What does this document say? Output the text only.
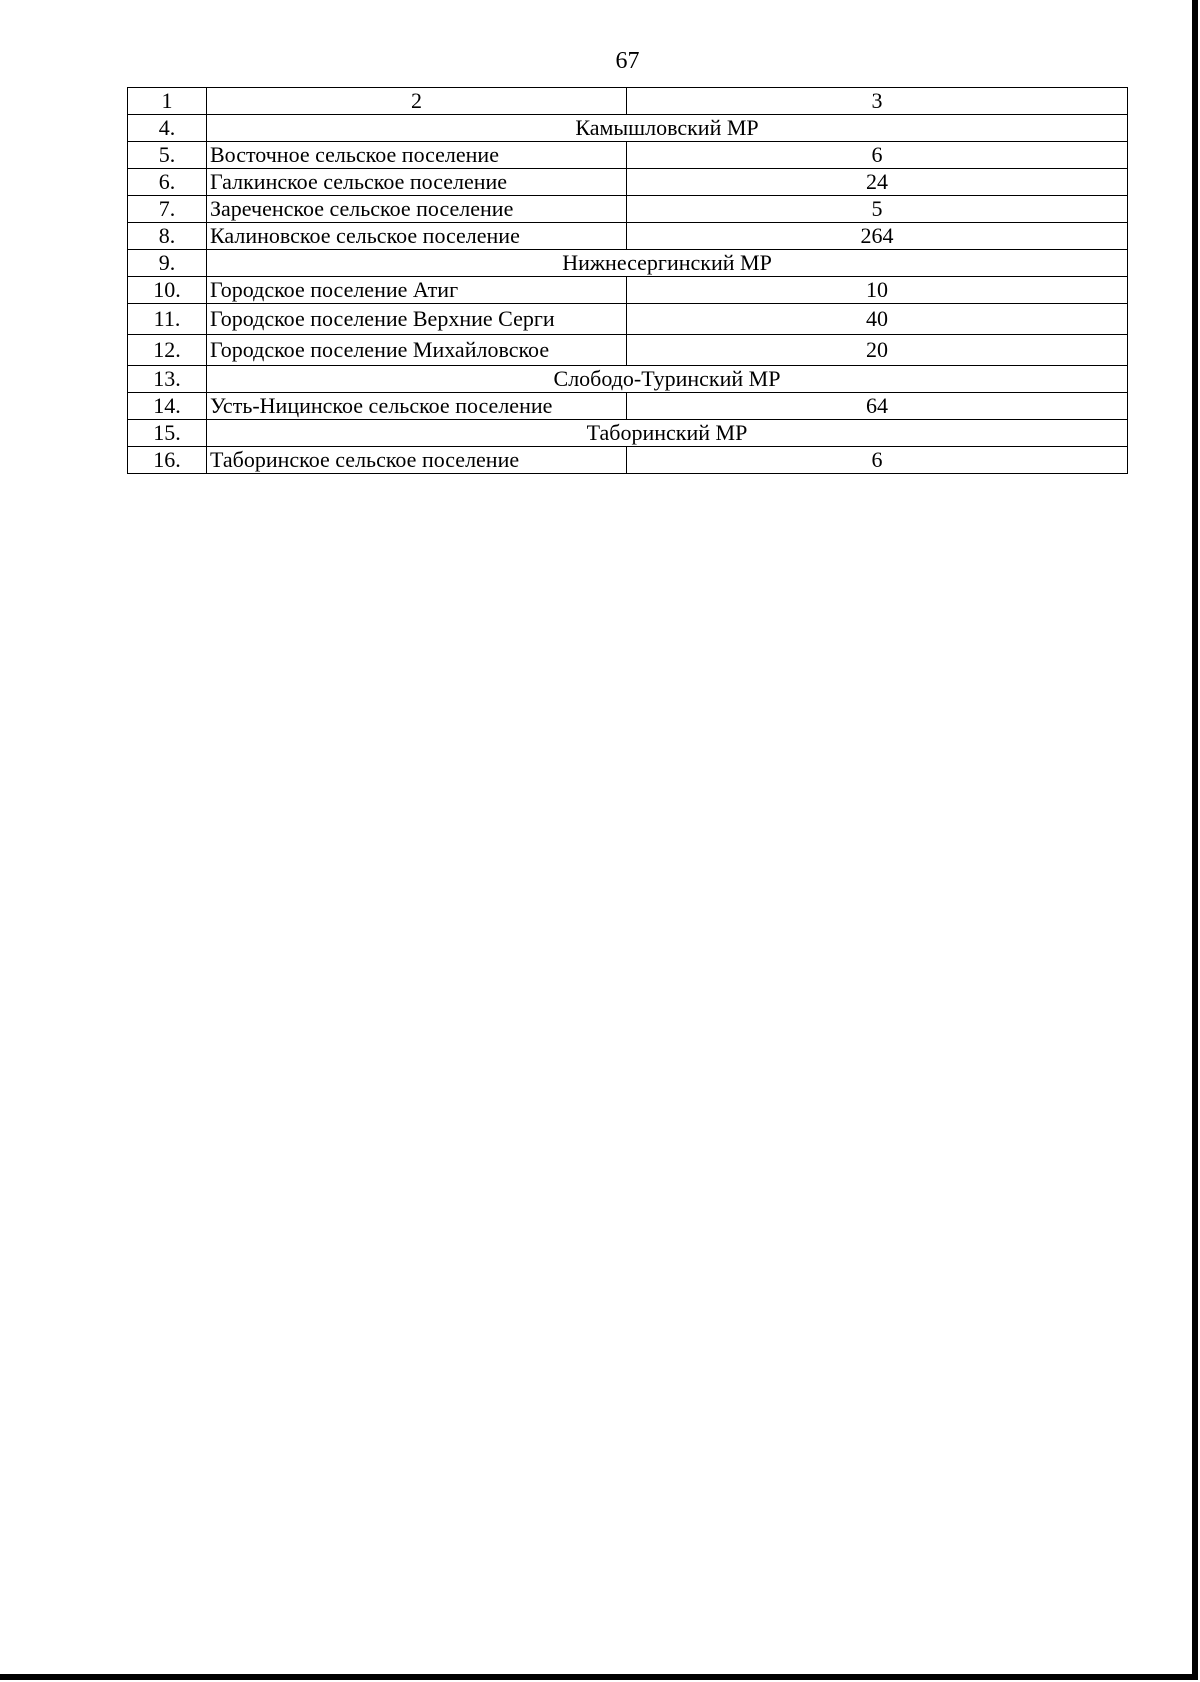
67
1	2	3
4.	Камышловский МР	
5.	Восточное сельское поселение	6
6.	Галкинское сельское поселение	24
7.	Зареченское сельское поселение	5
8.	Калиновское сельское поселение	264
9.	Нижнесергинский МР	
10.	Городское поселение Атиг	10
11.	Городское поселение Верхние Серги	40
12.	Городское поселение Михайловское	20
13.	Слободо-Туринский МР	
14.	Усть-Ницинское сельское поселение	64
15.	Таборинский МР	
16.	Таборинское сельское поселение	6
